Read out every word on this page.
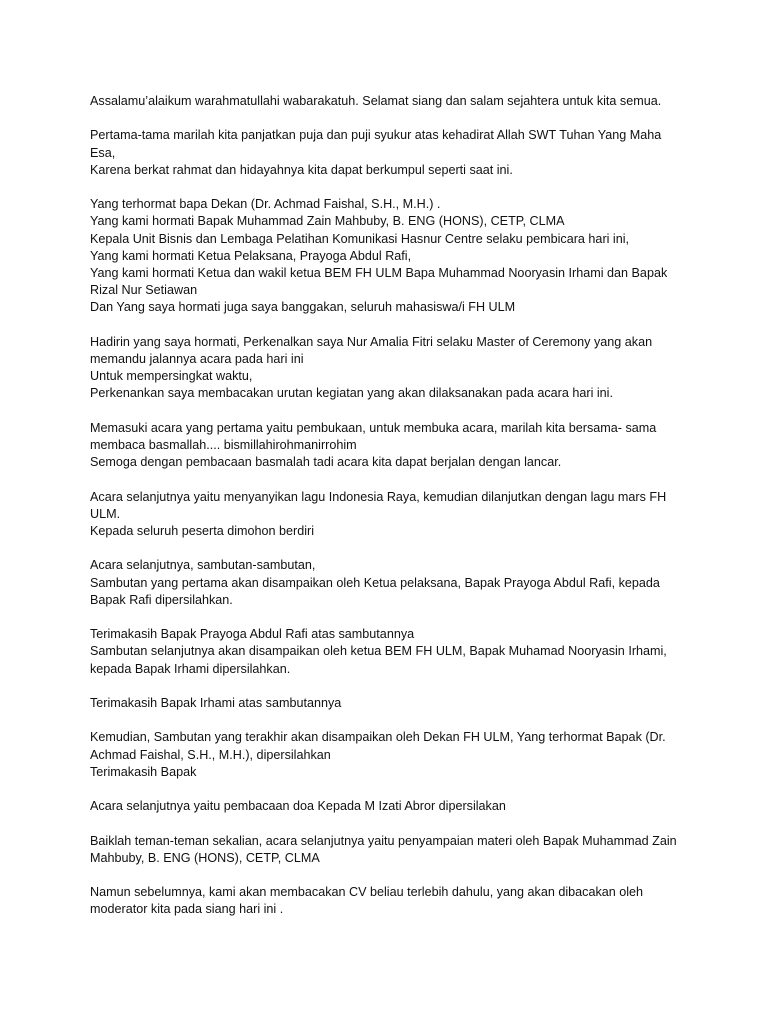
Assalamu’alaikum warahmatullahi wabarakatuh. Selamat siang dan salam sejahtera untuk kita semua.

Pertama-tama marilah kita panjatkan puja dan puji syukur atas kehadirat Allah SWT Tuhan Yang Maha
Esa,
Karena berkat rahmat dan hidayahnya kita dapat berkumpul seperti saat ini.

Yang terhormat bapa Dekan (Dr. Achmad Faishal, S.H., M.H.) .
Yang kami hormati Bapak Muhammad Zain Mahbuby, B. ENG (HONS), CETP, CLMA
Kepala Unit Bisnis dan Lembaga Pelatihan Komunikasi Hasnur Centre selaku pembicara hari ini,
Yang kami hormati Ketua Pelaksana, Prayoga Abdul Rafi,
Yang kami hormati Ketua dan wakil ketua BEM FH ULM Bapa Muhammad Nooryasin Irhami dan Bapak
Rizal Nur Setiawan
Dan Yang saya hormati juga saya banggakan, seluruh mahasiswa/i FH ULM

Hadirin yang saya hormati, Perkenalkan saya Nur Amalia Fitri selaku Master of Ceremony yang akan
memandu jalannya acara pada hari ini
Untuk mempersingkat waktu,
Perkenankan saya membacakan urutan kegiatan yang akan dilaksanakan pada acara hari ini.

Memasuki acara yang pertama yaitu pembukaan, untuk membuka acara, marilah kita bersama- sama
membaca basmallah.... bismillahirohmanirrohim
Semoga dengan pembacaan basmalah tadi acara kita dapat berjalan dengan lancar.

Acara selanjutnya yaitu menyanyikan lagu Indonesia Raya, kemudian dilanjutkan dengan lagu mars FH
ULM.
Kepada seluruh peserta dimohon berdiri

Acara selanjutnya, sambutan-sambutan,
Sambutan yang pertama akan disampaikan oleh Ketua pelaksana, Bapak Prayoga Abdul Rafi, kepada
Bapak Rafi dipersilahkan.

Terimakasih Bapak Prayoga Abdul Rafi atas sambutannya
Sambutan selanjutnya akan disampaikan oleh ketua BEM FH ULM, Bapak Muhamad Nooryasin Irhami,
kepada Bapak Irhami dipersilahkan.

Terimakasih Bapak Irhami atas sambutannya

Kemudian, Sambutan yang terakhir akan disampaikan oleh Dekan FH ULM, Yang terhormat Bapak (Dr.
Achmad Faishal, S.H., M.H.), dipersilahkan
Terimakasih Bapak

Acara selanjutnya yaitu pembacaan doa Kepada M Izati Abror dipersilakan

Baiklah teman-teman sekalian, acara selanjutnya yaitu penyampaian materi oleh Bapak Muhammad Zain
Mahbuby, B. ENG (HONS), CETP, CLMA

Namun sebelumnya, kami akan membacakan CV beliau terlebih dahulu, yang akan dibacakan oleh
moderator kita pada siang hari ini .
